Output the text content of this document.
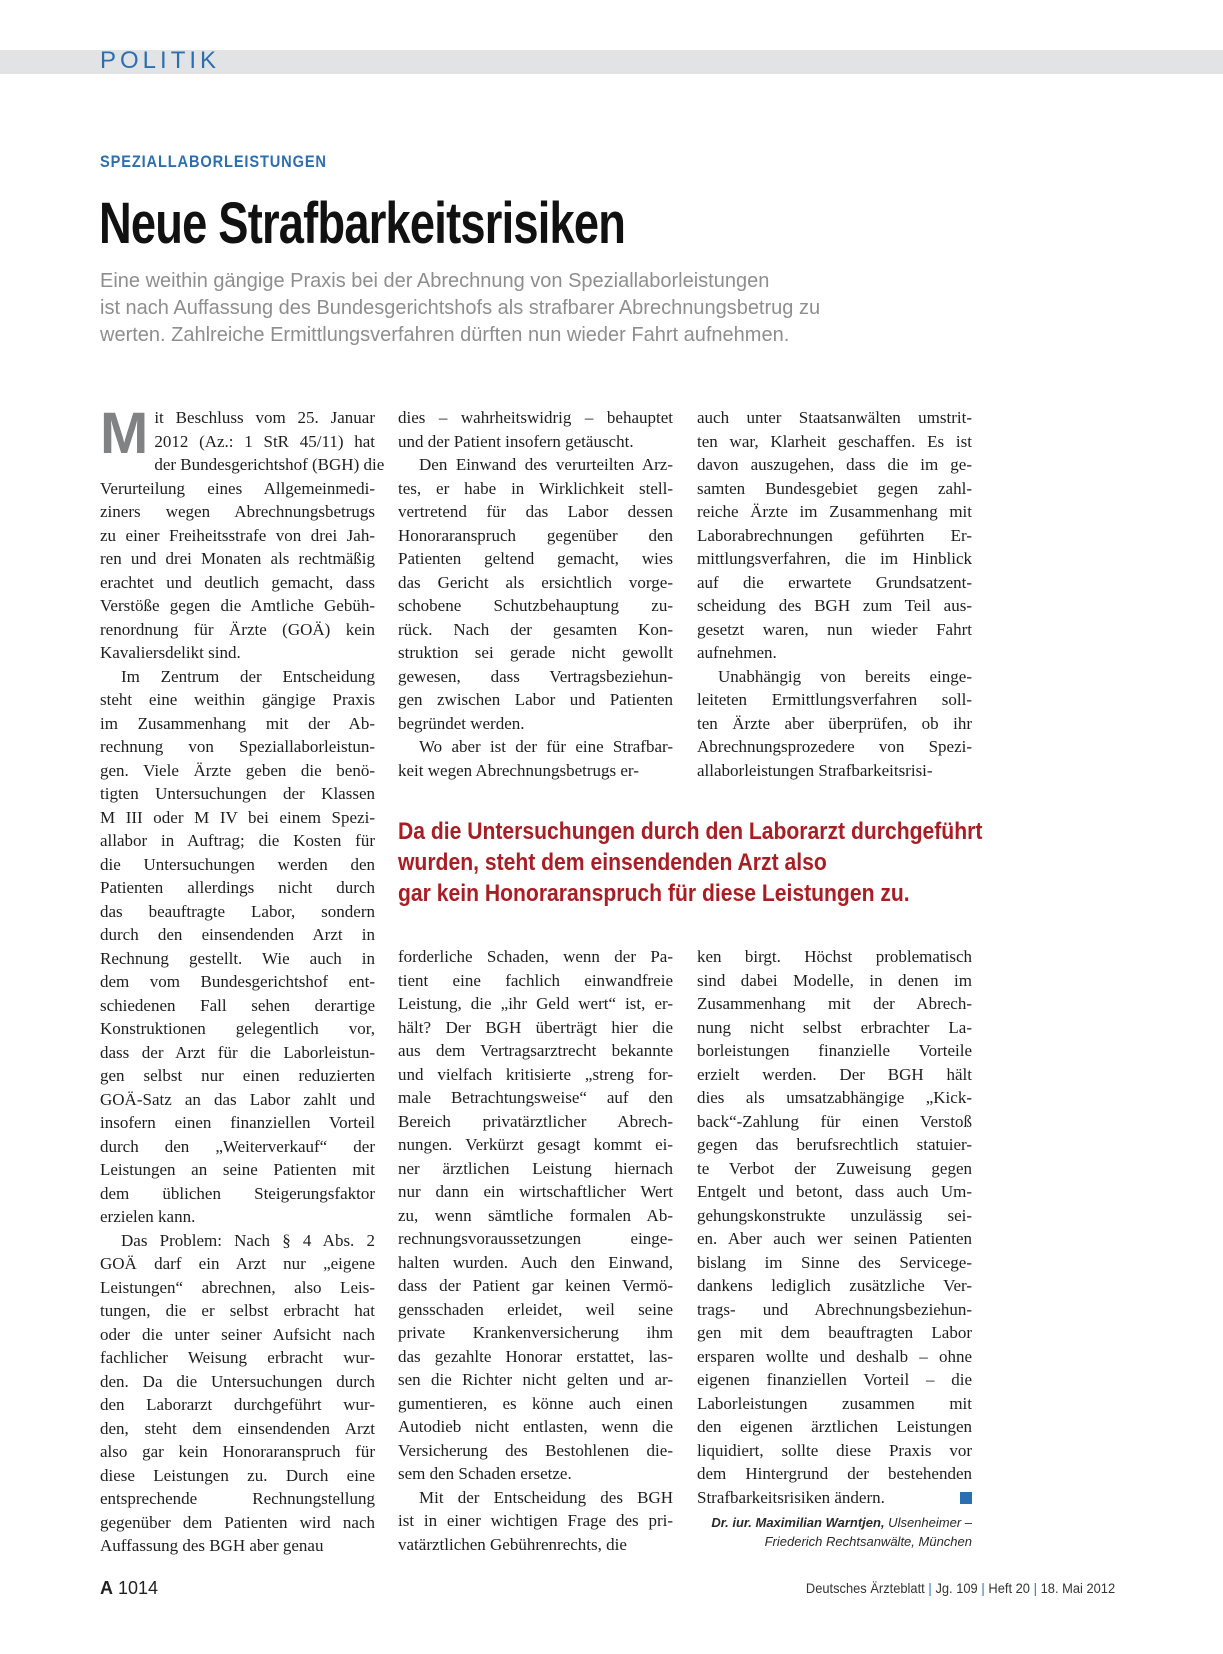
POLITIK
SPEZIALLABORLEISTUNGEN
Neue Strafbarkeitsrisiken

Eine weithin gängige Praxis bei der Abrechnung von Speziallaborleistungen

ist nach Auffassung des Bundesgerichtshofs als strafbarer Abrechnungsbetrug zu

werten. Zahlreiche Ermittlungsverfahren dürften nun wieder Fahrt aufnehmen.

M it Beschluss vom 25. Januar
2012 (Az.: 1 StR 45/11) hat
der Bundesgerichtshof (BGH) die
Verurteilung eines Allgemeinmedi-
ziners wegen Abrechnungsbetrugs
zu einer Freiheitsstrafe von drei Jah-
ren und drei Monaten als rechtmäßig
erachtet und deutlich gemacht, dass
Verstöße gegen die Amtliche Gebüh-
renordnung für Ärzte (GOÄ) kein
Kavaliersdelikt sind.
Im Zentrum der Entscheidung
steht eine weithin gängige Praxis
im Zusammenhang mit der Ab-
rechnung von Speziallaborleistun-
gen. Viele Ärzte geben die benö-
tigten Untersuchungen der Klassen
M III oder M IV bei einem Spezi-
allabor in Auftrag; die Kosten für
die Untersuchungen werden den
Patienten allerdings nicht durch
das beauftragte Labor, sondern
durch den einsendenden Arzt in
Rechnung gestellt. Wie auch in
dem vom Bundesgerichtshof ent-
schiedenen Fall sehen derartige
Konstruktionen gelegentlich vor,
dass der Arzt für die Laborleistun-
gen selbst nur einen reduzierten
GOÄ-Satz an das Labor zahlt und
insofern einen finanziellen Vorteil
durch den „Weiterverkauf“ der
Leistungen an seine Patienten mit
dem üblichen Steigerungsfaktor
erzielen kann.
Das Problem: Nach § 4 Abs. 2
GOÄ darf ein Arzt nur „eigene
Leistungen“ abrechnen, also Leis-
tungen, die er selbst erbracht hat
oder die unter seiner Aufsicht nach
fachlicher Weisung erbracht wur-
den. Da die Untersuchungen durch
den Laborarzt durchgeführt wur-
den, steht dem einsendenden Arzt
also gar kein Honoraranspruch für
diese Leistungen zu. Durch eine
entsprechende Rechnungstellung
gegenüber dem Patienten wird nach
Auffassung des BGH aber genau
dies – wahrheitswidrig – behauptet
und der Patient insofern getäuscht.
Den Einwand des verurteilten Arz-
tes, er habe in Wirklichkeit stell-
vertretend für das Labor dessen
Honoraranspruch gegenüber den
Patienten geltend gemacht, wies
das Gericht als ersichtlich vorge-
schobene Schutzbehauptung zu-
rück. Nach der gesamten Kon-
struktion sei gerade nicht gewollt
gewesen, dass Vertragsbeziehun-
gen zwischen Labor und Patienten
begründet werden.
Wo aber ist der für eine Strafbar-
keit wegen Abrechnungsbetrugs er-
auch unter Staatsanwälten umstrit-
ten war, Klarheit geschaffen. Es ist
davon auszugehen, dass die im ge-
samten Bundesgebiet gegen zahl-
reiche Ärzte im Zusammenhang mit
Laborabrechnungen geführten Er-
mittlungsverfahren, die im Hinblick
auf die erwartete Grundsatzent-
scheidung des BGH zum Teil aus-
gesetzt waren, nun wieder Fahrt
aufnehmen.
Unabhängig von bereits einge-
leiteten Ermittlungsverfahren soll-
ten Ärzte aber überprüfen, ob ihr
Abrechnungsprozedere von Spezi-
allaborleistungen Strafbarkeitsrisi-

Da die Untersuchungen durch den Laborarzt durchgeführt

wurden, steht dem einsendenden Arzt also

gar kein Honoraranspruch für diese Leistungen zu.

forderliche Schaden, wenn der Pa-
tient eine fachlich einwandfreie
Leistung, die „ihr Geld wert“ ist, er-
hält? Der BGH überträgt hier die
aus dem Vertragsarztrecht bekannte
und vielfach kritisierte „streng for-
male Betrachtungsweise“ auf den
Bereich privatärztlicher Abrech-
nungen. Verkürzt gesagt kommt ei-
ner ärztlichen Leistung hiernach
nur dann ein wirtschaftlicher Wert
zu, wenn sämtliche formalen Ab-
rechnungsvoraussetzungen einge-
halten wurden. Auch den Einwand,
dass der Patient gar keinen Vermö-
gensschaden erleidet, weil seine
private Krankenversicherung ihm
das gezahlte Honorar erstattet, las-
sen die Richter nicht gelten und ar-
gumentieren, es könne auch einen
Autodieb nicht entlasten, wenn die
Versicherung des Bestohlenen die-
sem den Schaden ersetze.
Mit der Entscheidung des BGH
ist in einer wichtigen Frage des pri-
vatärztlichen Gebührenrechts, die
ken birgt. Höchst problematisch
sind dabei Modelle, in denen im
Zusammenhang mit der Abrech-
nung nicht selbst erbrachter La-
borleistungen finanzielle Vorteile
erzielt werden. Der BGH hält
dies als umsatzabhängige „Kick-
back“-Zahlung für einen Verstoß
gegen das berufsrechtlich statuier-
te Verbot der Zuweisung gegen
Entgelt und betont, dass auch Um-
gehungskonstrukte unzulässig sei-
en. Aber auch wer seinen Patienten
bislang im Sinne des Servicege-
dankens lediglich zusätzliche Ver-
trags- und Abrechnungsbeziehun-
gen mit dem beauftragten Labor
ersparen wollte und deshalb – ohne
eigenen finanziellen Vorteil – die
Laborleistungen zusammen mit
den eigenen ärztlichen Leistungen
liquidiert, sollte diese Praxis vor
dem Hintergrund der bestehenden
Strafbarkeitsrisiken ändern.
Dr. iur. Maximilian Warntjen, Ulsenheimer –
Friederich Rechtsanwälte, München
A 1014	Deutsches Ärzteblatt | Jg. 109 | Heft 20 | 18. Mai 2012
